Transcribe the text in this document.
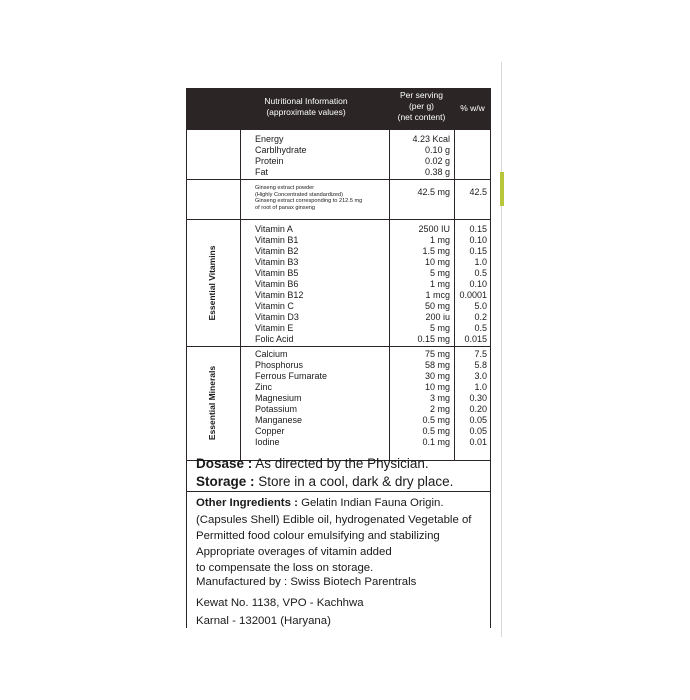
Nutritional Information
(approximate values)
Per serving
(per g)
(net content)
% w/w
Energy	4.23 Kcal
Carblhydrate	0.10 g
Protein	0.02 g
Fat	0.38 g
Ginseng extract powder
(Highly Concentrated standardized)
Ginseng extract corresponding to 212.5 mg
of root of panax ginseng
42.5 mg	42.5
Essential Vitamins
Essential Minerals
Vitamin A	2500 IU	0.15
Vitamin B1	1 mg	0.10
Vitamin B2	1.5 mg	0.15
Vitamin B3	10 mg	1.0
Vitamin B5	5 mg	0.5
Vitamin B6	1 mg	0.10
Vitamin B12	1 mcg	0.0001
Vitamin C	50 mg	5.0
Vitamin D3	200 iu	0.2
Vitamin E	5 mg	0.5
Folic Acid	0.15 mg	0.015
Calcium	75 mg	7.5
Phosphorus	58 mg	5.8
Ferrous Fumarate	30 mg	3.0
Zinc	10 mg	1.0
Magnesium	3 mg	0.30
Potassium	2 mg	0.20
Manganese	0.5 mg	0.05
Copper	0.5 mg	0.05
Iodine	0.1 mg	0.01
Dosase : As directed by the Physician.
Storage : Store in a cool, dark & dry place.
Other Ingredients : Gelatin Indian Fauna Origin.
(Capsules Shell) Edible oil, hydrogenated Vegetable of
Permitted food colour emulsifying and stabilizing
Appropriate overages of vitamin added
to compensate the loss on storage.
Manufactured by : Swiss Biotech Parentrals
Kewat No. 1138, VPO - Kachhwa
Karnal - 132001 (Haryana)
